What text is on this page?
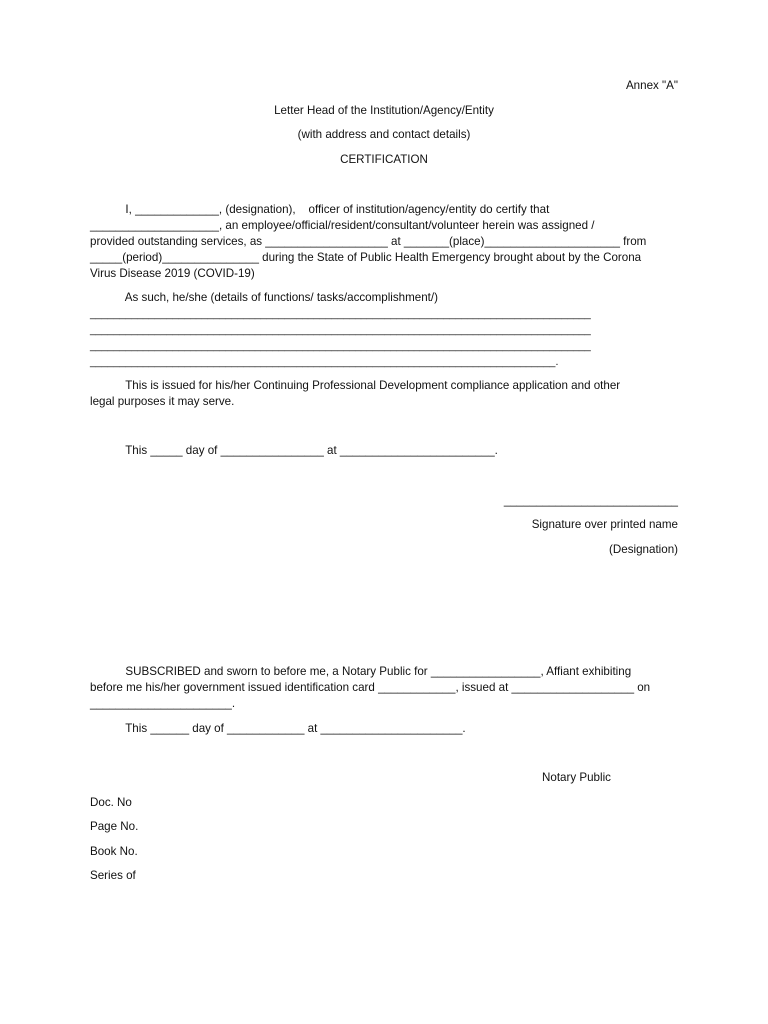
Annex "A"
Letter Head of the Institution/Agency/Entity
(with address and contact details)
CERTIFICATION
I, _____________, (designation),    officer of institution/agency/entity do certify that
____________________, an employee/official/resident/consultant/volunteer herein was assigned /
provided outstanding services, as ___________________ at _______(place)_____________________ from
_____(period)_______________ during the State of Public Health Emergency brought about by the Corona
Virus Disease 2019 (COVID-19)
As such, he/she (details of functions/ tasks/accomplishment/)
_____________________________________________________________________________________
_____________________________________________________________________________________
_____________________________________________________________________________________
_______________________________________________________________________________.
This is issued for his/her Continuing Professional Development compliance application and other
legal purposes it may serve.
This _____ day of ________________ at ________________________.
___________________________
Signature over printed name
(Designation)
SUBSCRIBED and sworn to before me, a Notary Public for _________________, Affiant exhibiting
before me his/her government issued identification card ____________, issued at ___________________ on
______________________.
This ______ day of ____________ at ______________________.
Notary Public
Doc. No
Page No.
Book No.
Series of
